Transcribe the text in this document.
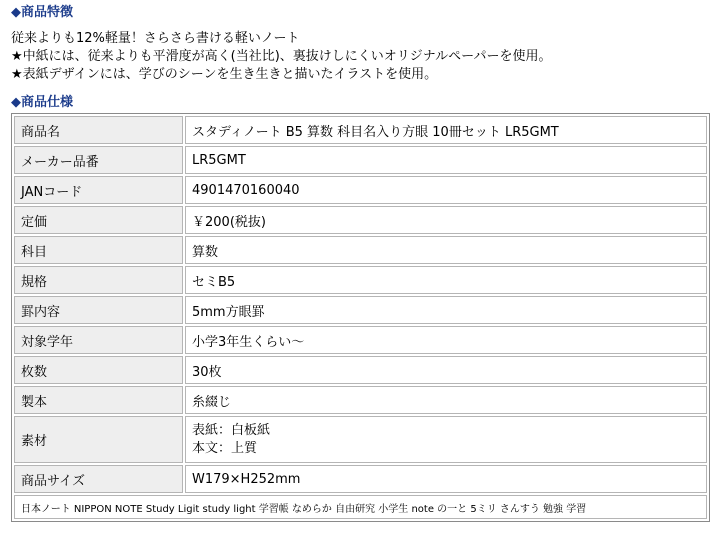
◆商品特徴
従来よりも12%軽量！さらさら書ける軽いノート
★中紙には、従来よりも平滑度が高く(当社比)、裏抜けしにくいオリジナルペーパーを使用。
★表紙デザインには、学びのシーンを生き生きと描いたイラストを使用。
◆商品仕様
商品名	スタディノート B5 算数 科目名入り方眼 10冊セット LR5GMT
メーカー品番	LR5GMT
JANコード	4901470160040
定価	￥200(税抜)
科目	算数
規格	セミB5
罫内容	5mm方眼罫
対象学年	小学3年生くらい〜
枚数	30枚
製本	糸綴じ
素材	表紙：白板紙
本文：上質

商品サイズ	W179×H252mm
日本ノート NIPPON NOTE Study Ligit study light 学習帳 なめらか 自由研究 小学生 note の一と 5ミリ さんすう 勉強 学習	
